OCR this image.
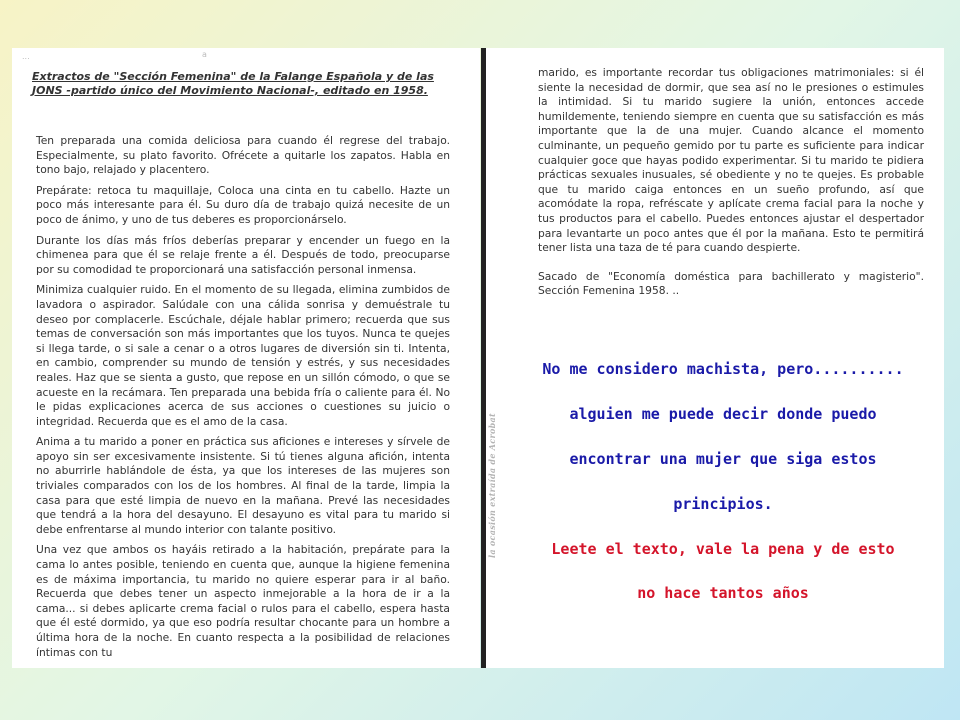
...	a
Extractos de "Sección Femenina" de la Falange Española y de las JONS -partido único del Movimiento Nacional-, editado en 1958.

Ten preparada una comida deliciosa para cuando él regrese del trabajo. Especialmente, su plato favorito. Ofrécete a quitarle los zapatos. Habla en tono bajo, relajado y placentero.

Prepárate: retoca tu maquillaje, Coloca una cinta en tu cabello. Hazte un poco más interesante para él. Su duro día de trabajo quizá necesite de un poco de ánimo, y uno de tus deberes es proporcionárselo.

Durante los días más fríos deberías preparar y encender un fuego en la chimenea para que él se relaje frente a él. Después de todo, preocuparse por su comodidad te proporcionará una satisfacción personal inmensa.

Minimiza cualquier ruido. En el momento de su llegada, elimina zumbidos de lavadora o aspirador. Salúdale con una cálida sonrisa y demuéstrale tu deseo por complacerle. Escúchale, déjale hablar primero; recuerda que sus temas de conversación son más importantes que los tuyos. Nunca te quejes si llega tarde, o si sale a cenar o a otros lugares de diversión sin ti. Intenta, en cambio, comprender su mundo de tensión y estrés, y sus necesidades reales. Haz que se sienta a gusto, que repose en un sillón cómodo, o que se acueste en la recámara. Ten preparada una bebida fría o caliente para él. No le pidas explicaciones acerca de sus acciones o cuestiones su juicio o integridad. Recuerda que es el amo de la casa.

Anima a tu marido a poner en práctica sus aficiones e intereses y sírvele de apoyo sin ser excesivamente insistente. Si tú tienes alguna afición, intenta no aburrirle hablándole de ésta, ya que los intereses de las mujeres son triviales comparados con los de los hombres. Al final de la tarde, limpia la casa para que esté limpia de nuevo en la mañana. Prevé las necesidades que tendrá a la hora del desayuno. El desayuno es vital para tu marido si debe enfrentarse al mundo interior con talante positivo.

Una vez que ambos os hayáis retirado a la habitación, prepárate para la cama lo antes posible, teniendo en cuenta que, aunque la higiene femenina es de máxima importancia, tu marido no quiere esperar para ir al baño. Recuerda que debes tener un aspecto inmejorable a la hora de ir a la cama... si debes aplicarte crema facial o rulos para el cabello, espera hasta que él esté dormido, ya que eso podría resultar chocante para un hombre a última hora de la noche. En cuanto respecta a la posibilidad de relaciones íntimas con tu

marido, es importante recordar tus obligaciones matrimoniales: si él siente la necesidad de dormir, que sea así no le presiones o estimules la intimidad. Si tu marido sugiere la unión, entonces accede humildemente, teniendo siempre en cuenta que su satisfacción es más importante que la de una mujer. Cuando alcance el momento culminante, un pequeño gemido por tu parte es suficiente para indicar cualquier goce que hayas podido experimentar. Si tu marido te pidiera prácticas sexuales inusuales, sé obediente y no te quejes. Es probable que tu marido caiga entonces en un sueño profundo, así que acomódate la ropa, refréscate y aplícate crema facial para la noche y tus productos para el cabello. Puedes entonces ajustar el despertador para levantarte un poco antes que él por la mañana. Esto te permitirá tener lista una taza de té para cuando despierte.

Sacado de "Economía doméstica para bachillerato y magisterio". Sección Femenina 1958. ..

la ocasión extraída de Acrobat
No me considero machista, pero..........
alguien me puede decir donde puedo
encontrar una mujer que siga estos
principios.
Leete el texto, vale la pena y de esto
no hace tantos años
